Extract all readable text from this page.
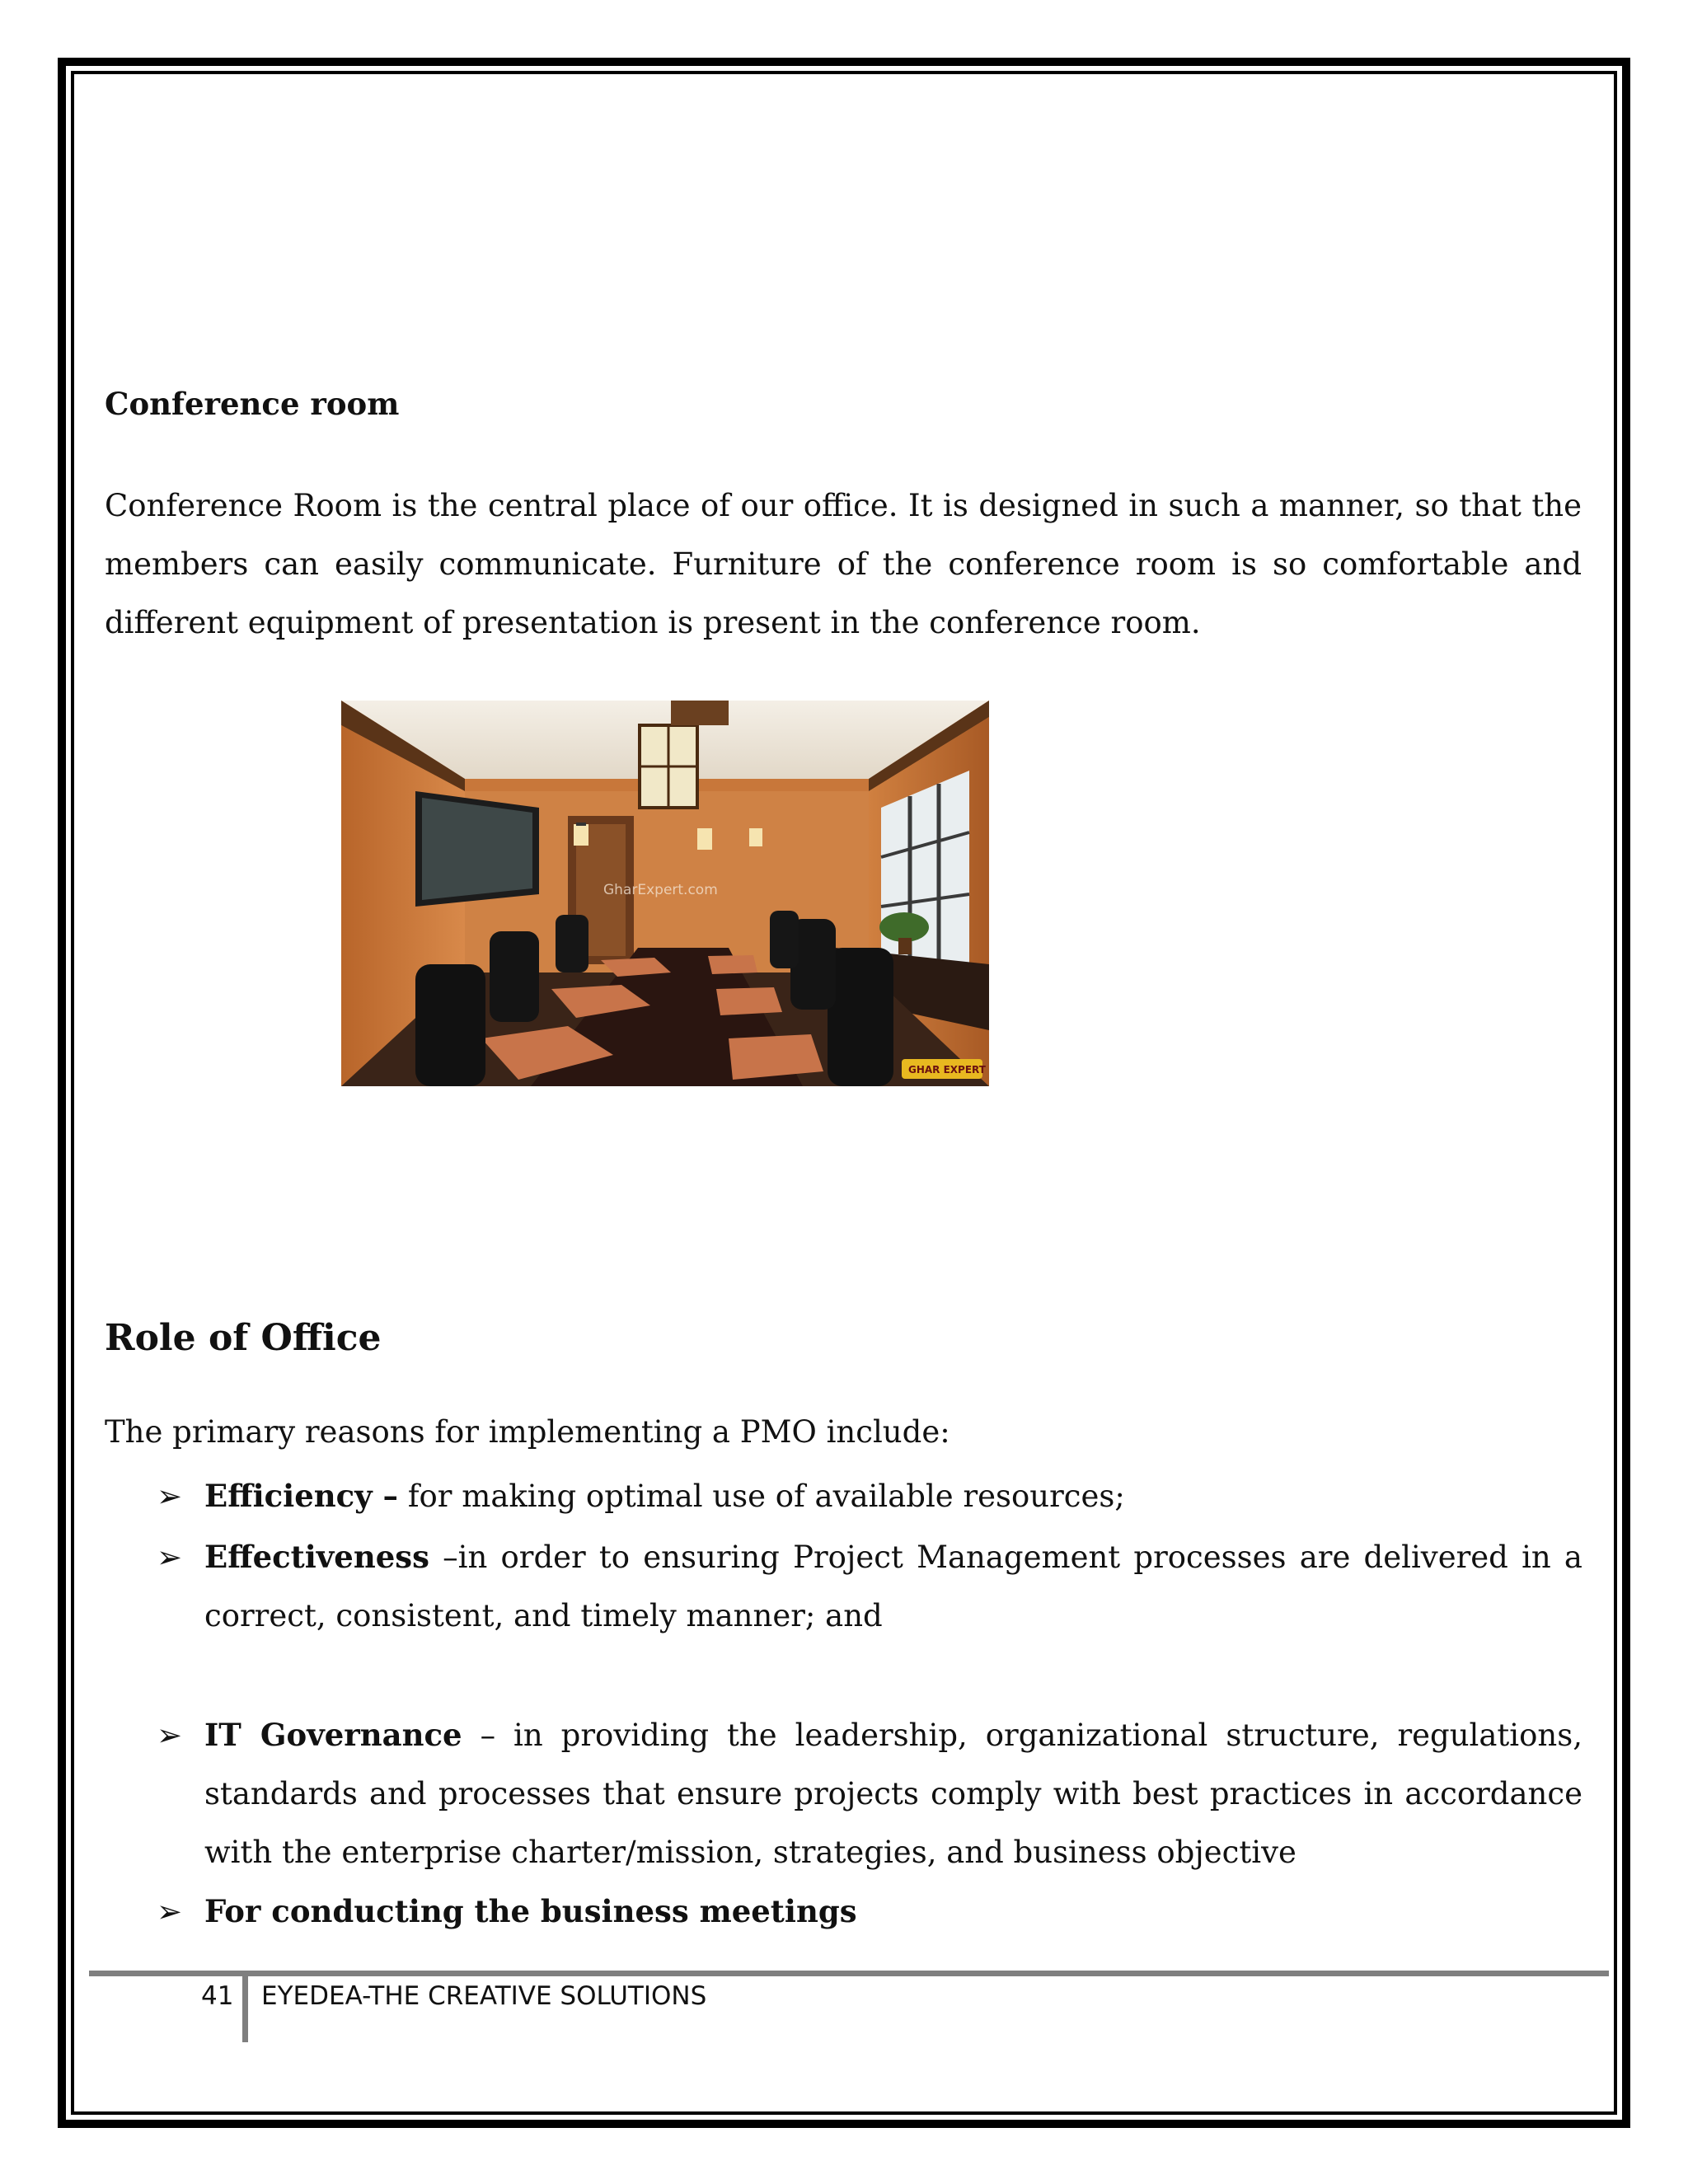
Conference room
Conference Room is the central place of our office. It is designed in such a manner, so that the members can easily communicate. Furniture of the conference room is so comfortable and different equipment of presentation is present in the conference room.
GharExpert.com
GHAR EXPERT
Role of Office
The primary reasons for implementing a PMO include:
➢ Efficiency – for making optimal use of available resources;
➢ Effectiveness –in order to ensuring Project Management processes are delivered in a correct, consistent, and timely manner; and
➢ IT Governance – in providing the leadership, organizational structure, regulations, standards and processes that ensure projects comply with best practices in accordance with the enterprise charter/mission, strategies, and business objective
➢ For conducting the business meetings
41 EYEDEA-THE CREATIVE SOLUTIONS
